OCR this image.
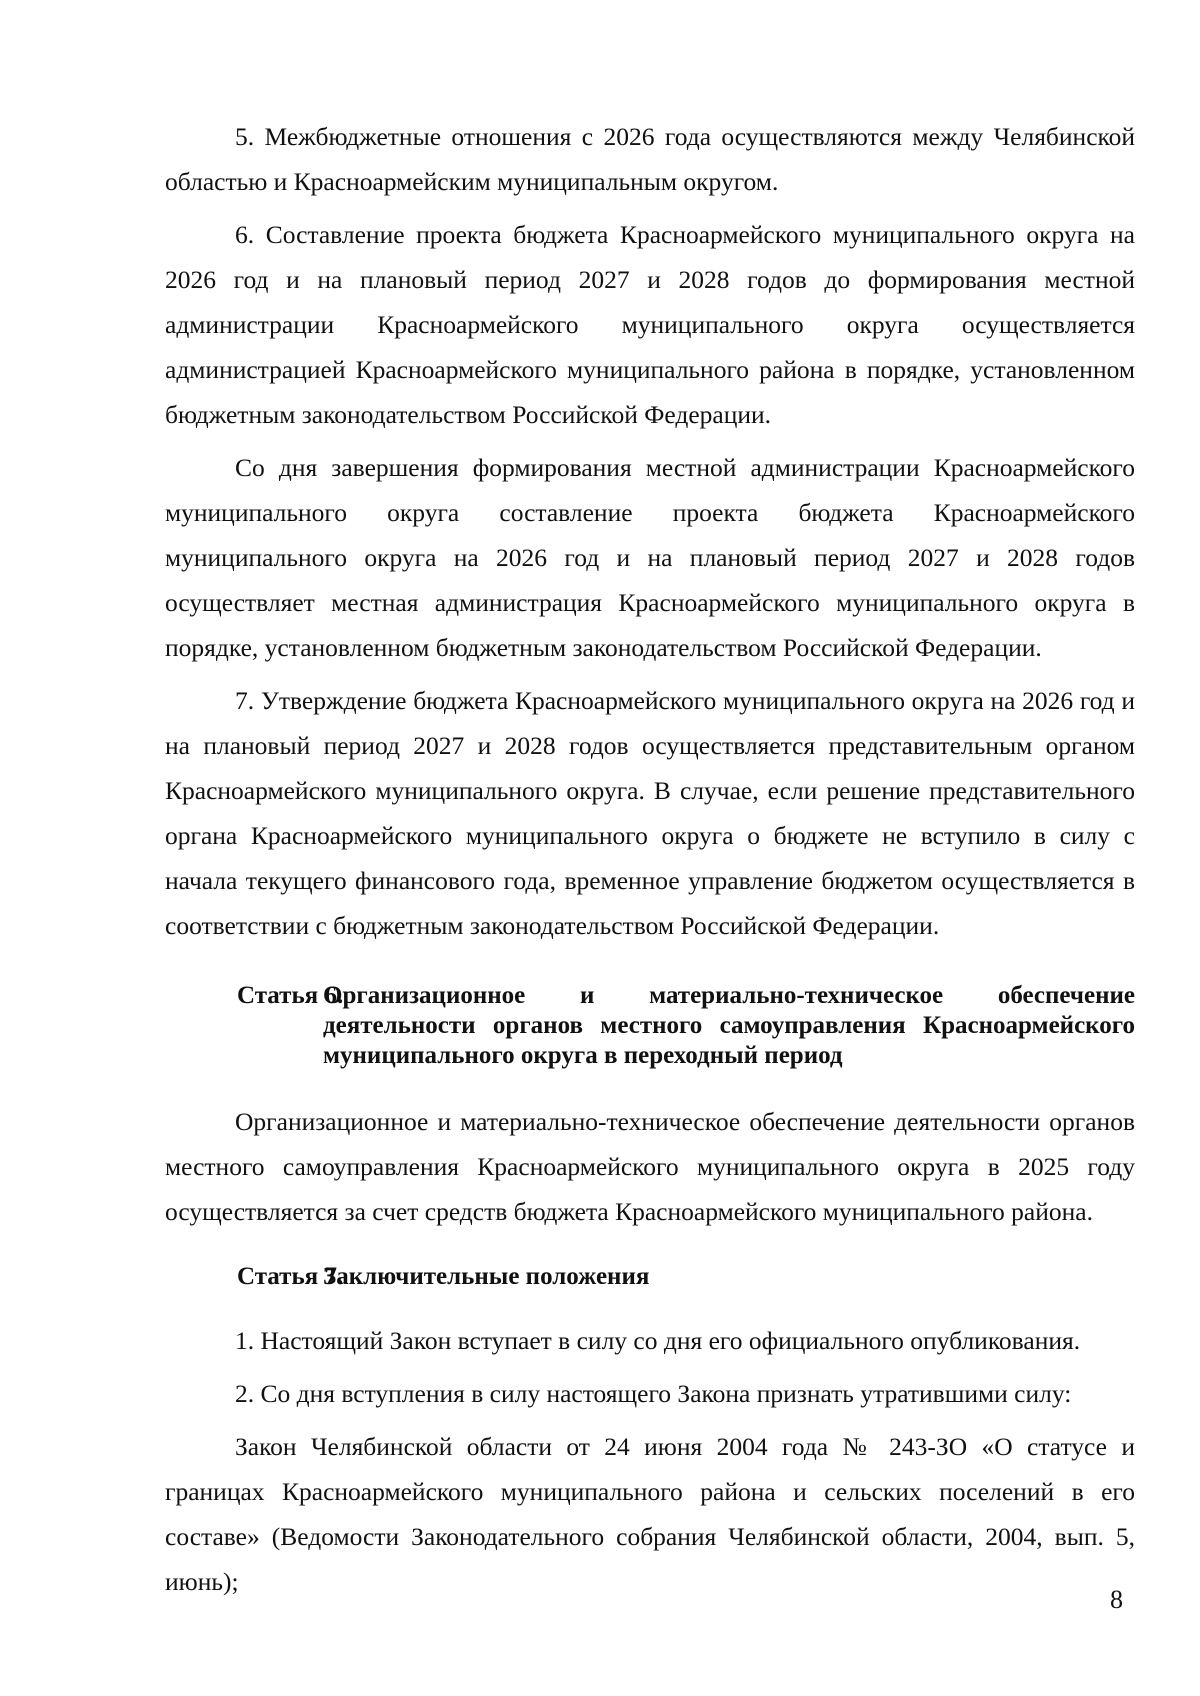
5. Межбюджетные отношения с 2026 года осуществляются между Челябинской областью и Красноармейским муниципальным округом.

6. Составление проекта бюджета Красноармейского муниципального округа на 2026 год и на плановый период 2027 и 2028 годов до формирования местной администрации Красноармейского муниципального округа осуществляется администрацией Красноармейского муниципального района в порядке, установленном бюджетным законодательством Российской Федерации.

Со дня завершения формирования местной администрации Красноармейского муниципального округа составление проекта бюджета Красноармейского муниципального округа на 2026 год и на плановый период 2027 и 2028 годов осуществляет местная администрация Красноармейского муниципального округа в порядке, установленном бюджетным законодательством Российской Федерации.

7. Утверждение бюджета Красноармейского муниципального округа на 2026 год и на плановый период 2027 и 2028 годов осуществляется представительным органом Красноармейского муниципального округа. В случае, если решение представительного органа Красноармейского муниципального округа о бюджете не вступило в силу с начала текущего финансового года, временное управление бюджетом осуществляется в соответствии с бюджетным законодательством Российской Федерации.

Статья 6.
Организационное и материально-техническое обеспечение деятельности органов местного самоуправления Красноармейского муниципального округа в переходный период

Организационное и материально-техническое обеспечение деятельности органов местного самоуправления Красноармейского муниципального округа в 2025 году осуществляется за счет средств бюджета Красноармейского муниципального района.

Статья 7.
Заключительные положения

1. Настоящий Закон вступает в силу со дня его официального опубликования.

2. Со дня вступления в силу настоящего Закона признать утратившими силу:

Закон Челябинской области от 24 июня 2004 года № 243-ЗО «О статусе и границах Красноармейского муниципального района и сельских поселений в его составе» (Ведомости Законодательного собрания Челябинской области, 2004, вып. 5, июнь);

8
